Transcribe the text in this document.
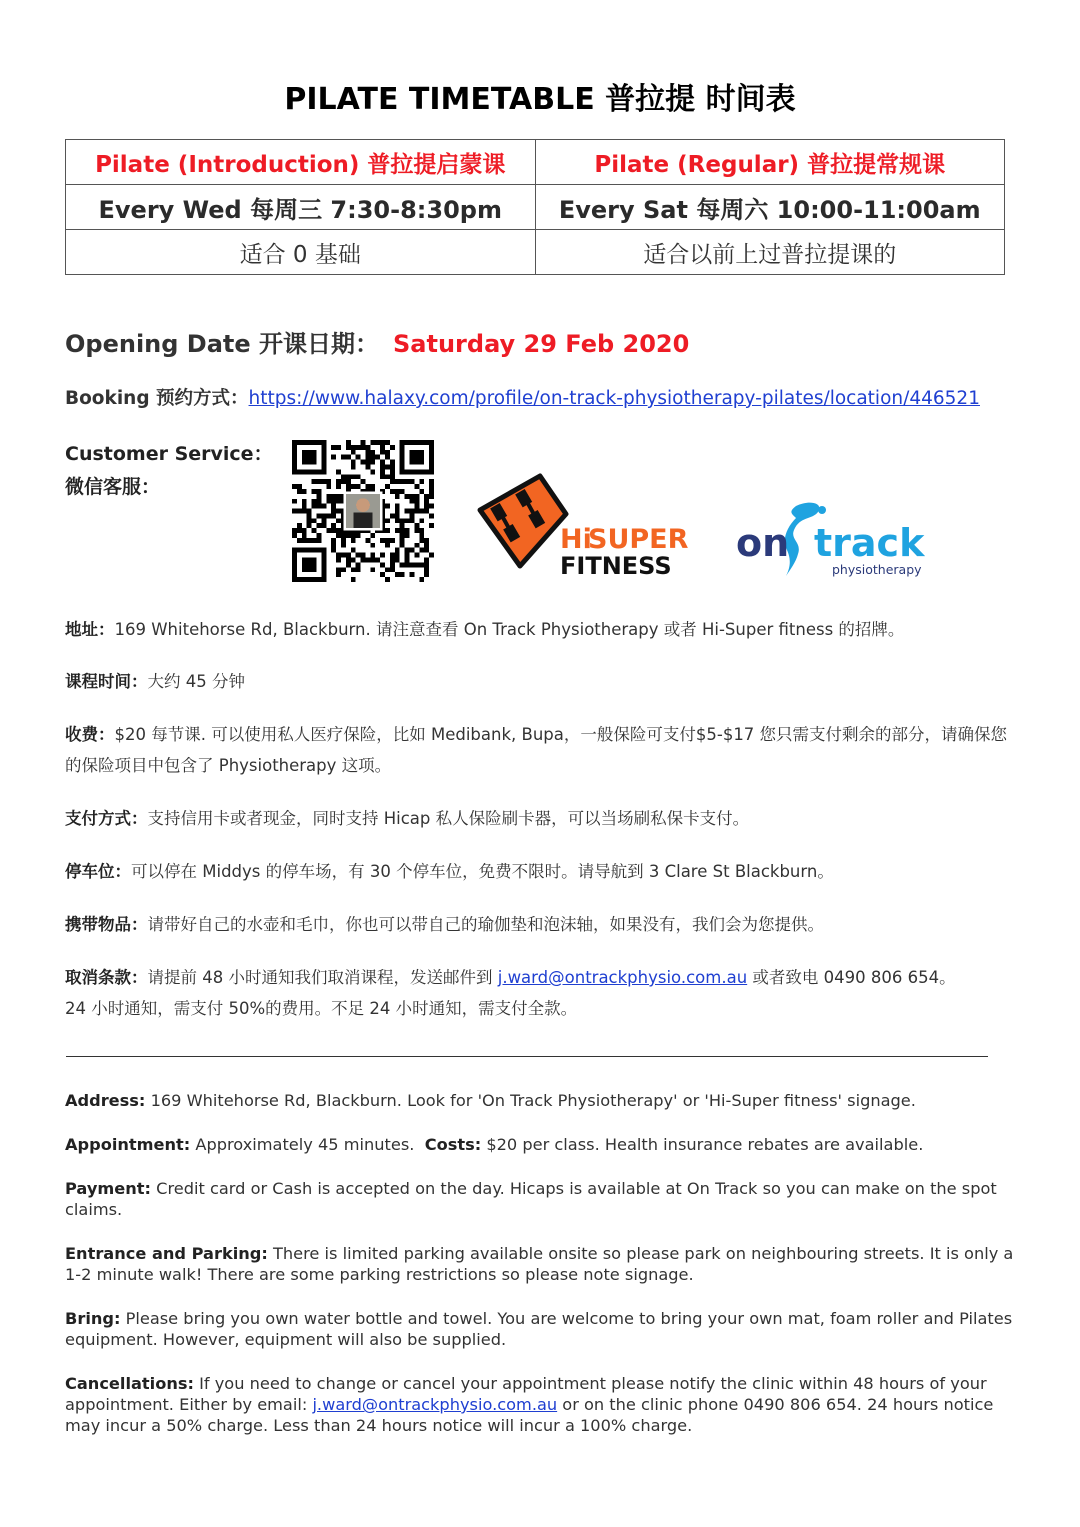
PILATE TIMETABLE 普拉提 时间表
Pilate (Introduction) 普拉提启蒙课	Pilate (Regular) 普拉提常规课
Every Wed 每周三 7:30-8:30pm	Every Sat 每周六 10:00-11:00am
适合 0 基础	适合以前上过普拉提课的
Opening Date 开课日期： Saturday 29 Feb 2020
Booking 预约方式：https://www.halaxy.com/profile/on-track-physiotherapy-pilates/location/446521
Customer Service：
微信客服：
Hi
SUPER
FITNESS
on track
physiotherapy
地址：169 Whitehorse Rd, Blackburn. 请注意查看 On Track Physiotherapy 或者 Hi-Super fitness 的招牌。
课程时间：大约 45 分钟
收费：$20 每节课. 可以使用私人医疗保险，比如 Medibank, Bupa，一般保险可支付$5-$17 您只需支付剩余的部分，请确保您的保险项目中包含了 Physiotherapy 这项。
支付方式：支持信用卡或者现金，同时支持 Hicap 私人保险刷卡器，可以当场刷私保卡支付。
停车位：可以停在 Middys 的停车场，有 30 个停车位，免费不限时。请导航到 3 Clare St Blackburn。
携带物品：请带好自己的水壶和毛巾，你也可以带自己的瑜伽垫和泡沫轴，如果没有，我们会为您提供。
取消条款：请提前 48 小时通知我们取消课程，发送邮件到 j.ward@ontrackphysio.com.au 或者致电 0490 806 654。
24 小时通知，需支付 50%的费用。不足 24 小时通知，需支付全款。
Address: 169 Whitehorse Rd, Blackburn. Look for 'On Track Physiotherapy' or 'Hi-Super fitness' signage.
Appointment: Approximately 45 minutes.  Costs: $20 per class. Health insurance rebates are available.
Payment: Credit card or Cash is accepted on the day. Hicaps is available at On Track so you can make on the spot claims.
Entrance and Parking: There is limited parking available onsite so please park on neighbouring streets. It is only a 1-2 minute walk! There are some parking restrictions so please note signage.
Bring: Please bring you own water bottle and towel. You are welcome to bring your own mat, foam roller and Pilates equipment. However, equipment will also be supplied.
Cancellations: If you need to change or cancel your appointment please notify the clinic within 48 hours of your appointment. Either by email: j.ward@ontrackphysio.com.au or on the clinic phone 0490 806 654. 24 hours notice may incur a 50% charge. Less than 24 hours notice will incur a 100% charge.
